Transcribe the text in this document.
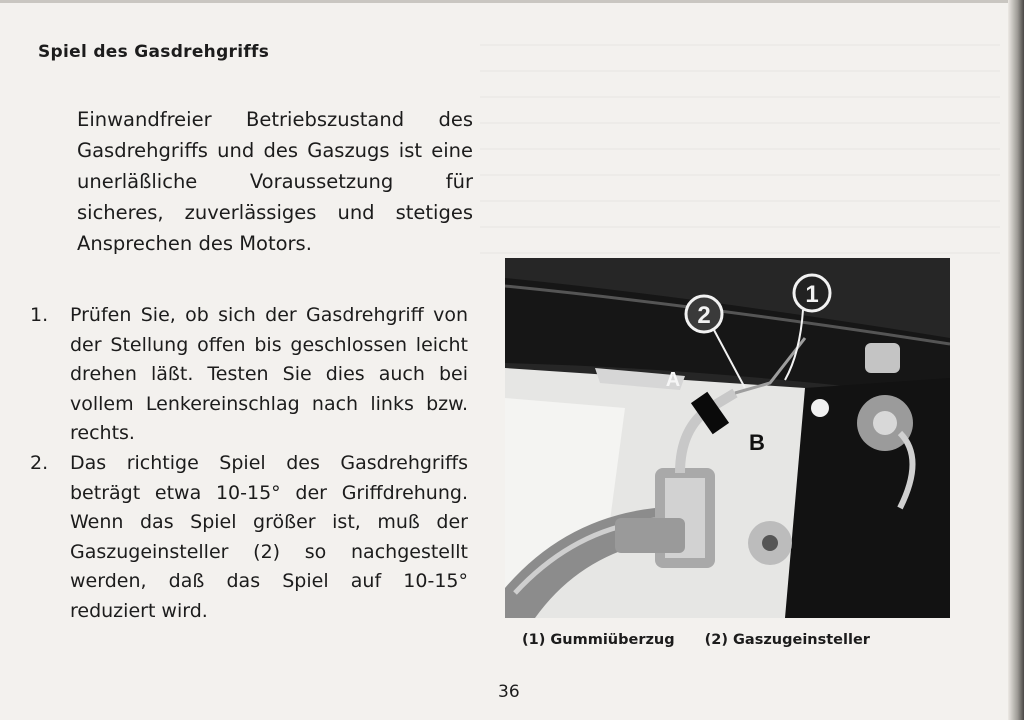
Spiel des Gasdrehgriffs

Einwandfreier Betriebszustand des Gasdrehgriffs und des Gaszugs ist eine unerläßliche Voraussetzung für sicheres, zuverlässiges und stetiges Ansprechen des Motors.

1.	Prüfen Sie, ob sich der Gasdrehgriff von der Stellung offen bis geschlossen leicht drehen läßt. Testen Sie dies auch bei vollem Lenkereinschlag nach links bzw. rechts.
2.	Das richtige Spiel des Gasdrehgriffs beträgt etwa 10-15° der Griffdrehung. Wenn das Spiel größer ist, muß der Gaszugeinsteller (2) so nachgestellt werden, daß das Spiel auf 10-15° reduziert wird.
1
2
A
B
(1) Gummiüberzug (2) Gaszugeinsteller
36
